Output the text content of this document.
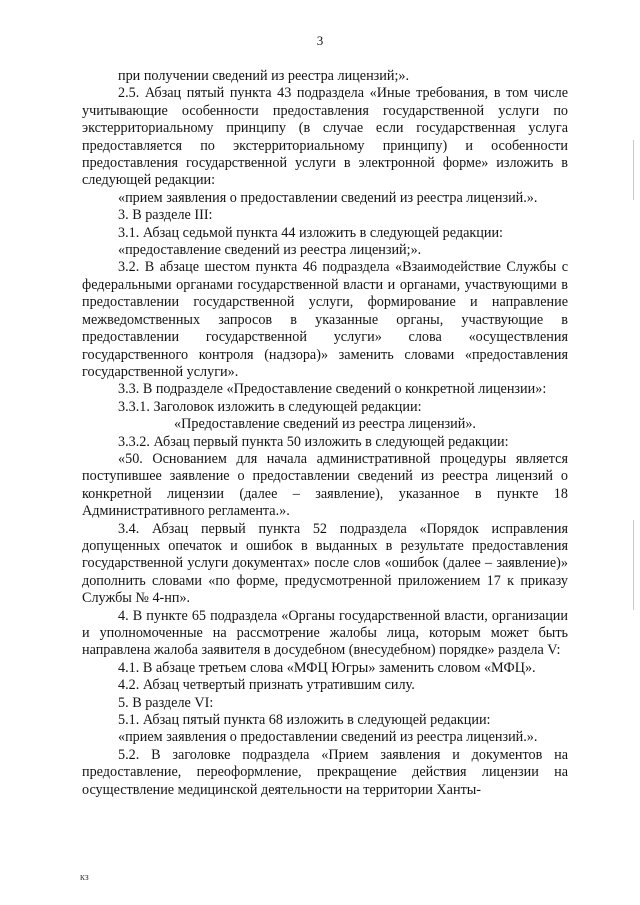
3

при получении сведений из реестра лицензий;».

2.5. Абзац пятый пункта 43 подраздела «Иные требования, в том числе учитывающие особенности предоставления государственной услуги по экстерриториальному принципу (в случае если государственная услуга предоставляется по экстерриториальному принципу) и особенности предоставления государственной услуги в электронной форме» изложить в следующей редакции:

«прием заявления о предоставлении сведений из реестра лицензий.».

3. В разделе III:

3.1. Абзац седьмой пункта 44 изложить в следующей редакции:

«предоставление сведений из реестра лицензий;».

3.2. В абзаце шестом пункта 46 подраздела «Взаимодействие Службы с федеральными органами государственной власти и органами, участвующими в предоставлении государственной услуги, формирование и направление межведомственных запросов в указанные органы, участвующие в предоставлении государственной услуги» слова «осуществления государственного контроля (надзора)» заменить словами «предоставления государственной услуги».

3.3. В подразделе «Предоставление сведений о конкретной лицензии»:

3.3.1. Заголовок изложить в следующей редакции:

«Предоставление сведений из реестра лицензий».

3.3.2. Абзац первый пункта 50 изложить в следующей редакции:

«50. Основанием для начала административной процедуры является поступившее заявление о предоставлении сведений из реестра лицензий о конкретной лицензии (далее – заявление), указанное в пункте 18 Административного регламента.».

3.4. Абзац первый пункта 52 подраздела «Порядок исправления допущенных опечаток и ошибок в выданных в результате предоставления государственной услуги документах» после слов «ошибок (далее – заявление)» дополнить словами «по форме, предусмотренной приложением 17 к приказу Службы № 4-нп».

4. В пункте 65 подраздела «Органы государственной власти, организации и уполномоченные на рассмотрение жалобы лица, которым может быть направлена жалоба заявителя в досудебном (внесудебном) порядке» раздела V:

4.1. В абзаце третьем слова «МФЦ Югры» заменить словом «МФЦ».

4.2. Абзац четвертый признать утратившим силу.

5. В разделе VI:

5.1. Абзац пятый пункта 68 изложить в следующей редакции:

«прием заявления о предоставлении сведений из реестра лицензий.».

5.2. В заголовке подраздела «Прием заявления и документов на предоставление, переоформление, прекращение действия лицензии на осуществление медицинской деятельности на территории Ханты-

кз
